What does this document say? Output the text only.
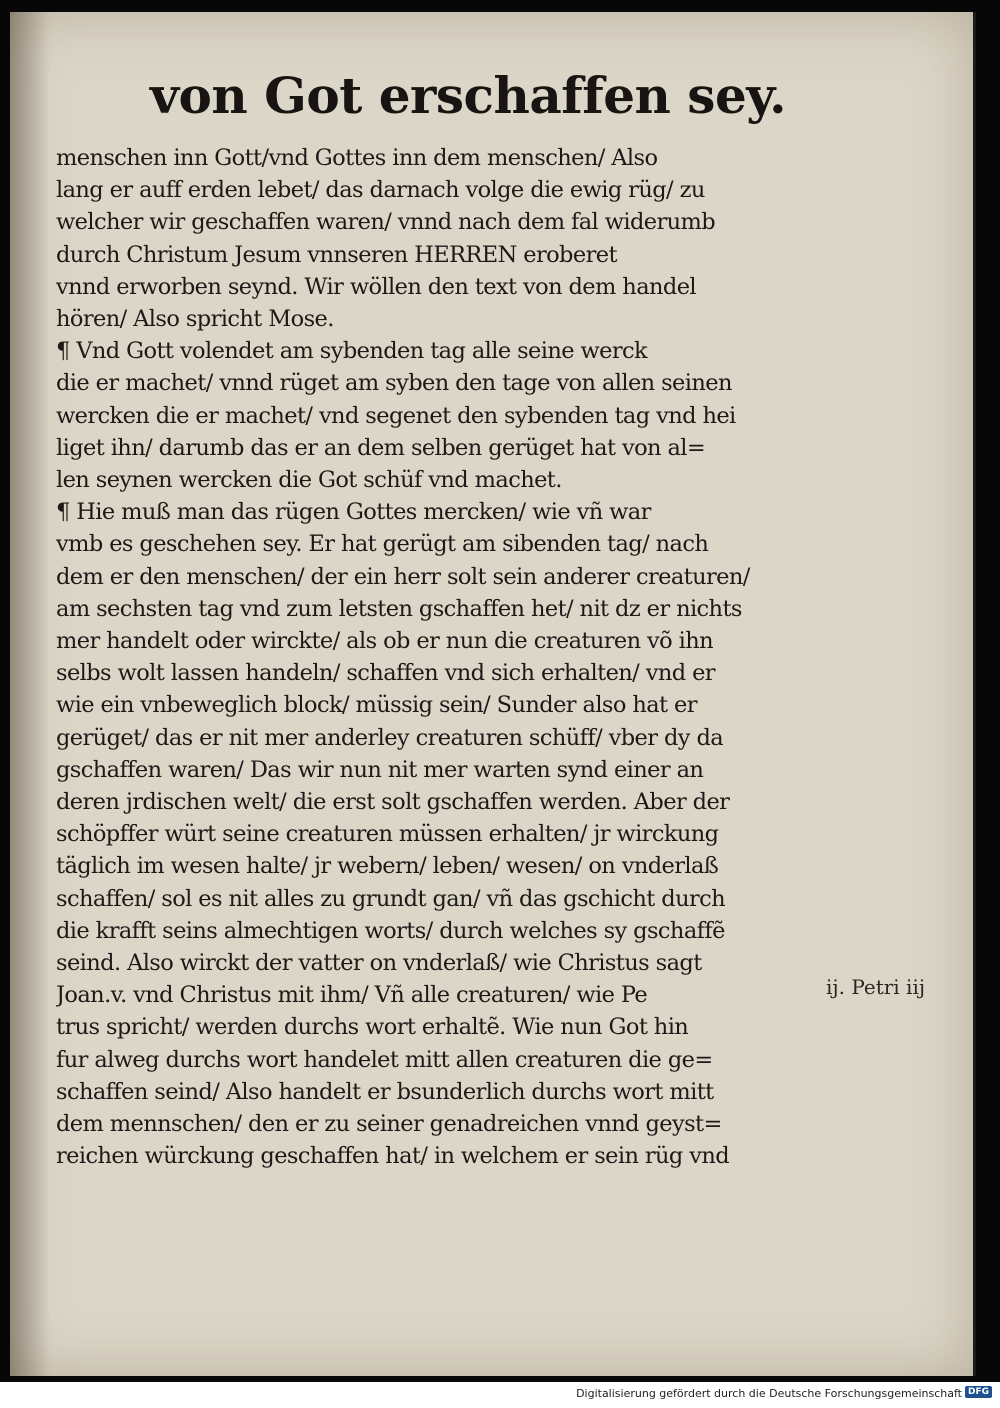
von Got erschaffen sey.
menschen inn Gott/vnd Gottes inn dem menschen/ Also
lang er auff erden lebet/ das darnach volge die ewig rüg/ zu
welcher wir geschaffen waren/ vnnd nach dem fal widerumb
durch Christum Jesum vnnseren HERREN eroberet
vnnd erworben seynd. Wir wöllen den text von dem handel
hören/ Also spricht Mose.
¶ Vnd Gott volendet am sybenden tag alle seine werck
die er machet/ vnnd rüget am syben den tage von allen seinen
wercken die er machet/ vnd segenet den sybenden tag vnd hei
liget ihn/ darumb das er an dem selben gerüget hat von al=
len seynen wercken die Got schüf vnd machet.
¶ Hie muß man das rügen Gottes mercken/ wie vñ war
vmb es geschehen sey. Er hat gerügt am sibenden tag/ nach
dem er den menschen/ der ein herr solt sein anderer creaturen/
am sechsten tag vnd zum letsten gschaffen het/ nit dz er nichts
mer handelt oder wirckte/ als ob er nun die creaturen võ ihn
selbs wolt lassen handeln/ schaffen vnd sich erhalten/ vnd er
wie ein vnbeweglich block/ müssig sein/ Sunder also hat er
gerüget/ das er nit mer anderley creaturen schüff/ vber dy da
gschaffen waren/ Das wir nun nit mer warten synd einer an
deren jrdischen welt/ die erst solt gschaffen werden. Aber der
schöpffer würt seine creaturen müssen erhalten/ jr wirckung
täglich im wesen halte/ jr webern/ leben/ wesen/ on vnderlaß
schaffen/ sol es nit alles zu grundt gan/ vñ das gschicht durch
die krafft seins almechtigen worts/ durch welches sy gschaffẽ
seind. Also wirckt der vatter on vnderlaß/ wie Christus sagt
Joan.v. vnd Christus mit ihm/ Vñ alle creaturen/ wie Pe
trus spricht/ werden durchs wort erhaltẽ. Wie nun Got hin
fur alweg durchs wort handelet mitt allen creaturen die ge=
schaffen seind/ Also handelt er bsunderlich durchs wort mitt
dem mennschen/ den er zu seiner genadreichen vnnd geyst=
reichen würckung geschaffen hat/ in welchem er sein rüg vnd
ij. Petri iij
Digitalisierung gefördert durch die Deutsche Forschungsgemeinschaft DFG
